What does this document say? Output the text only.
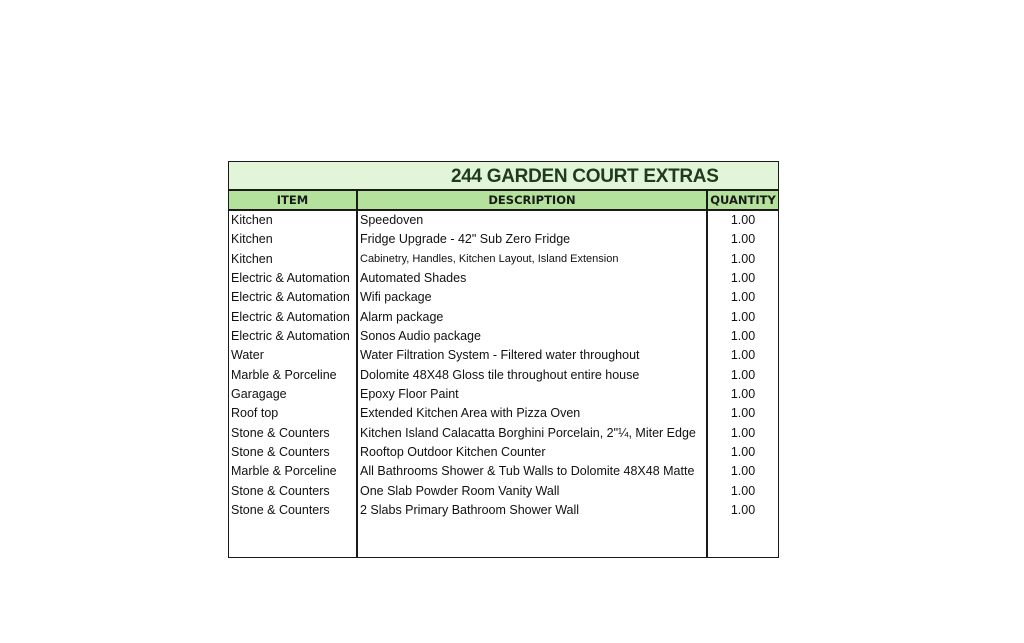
244 GARDEN COURT EXTRAS
ITEM	DESCRIPTION	QUANTITY
Kitchen
Kitchen
Kitchen
Electric & Automation
Electric & Automation
Electric & Automation
Electric & Automation
Water
Marble & Porceline
Garagage
Roof top
Stone & Counters
Stone & Counters
Marble & Porceline
Stone & Counters
Stone & Counters
Speedoven
Fridge Upgrade - 42" Sub Zero Fridge
Cabinetry, Handles, Kitchen Layout, Island Extension
Automated Shades
Wifi package
Alarm package
Sonos Audio package
Water Filtration System - Filtered water throughout
Dolomite 48X48 Gloss tile throughout entire house
Epoxy Floor Paint
Extended Kitchen Area with Pizza Oven
Kitchen Island Calacatta Borghini Porcelain, 2"¼, Miter Edge
Rooftop Outdoor Kitchen Counter
All Bathrooms Shower & Tub Walls to Dolomite 48X48 Matte
One Slab Powder Room Vanity Wall
2 Slabs Primary Bathroom Shower Wall
1.00
1.00
1.00
1.00
1.00
1.00
1.00
1.00
1.00
1.00
1.00
1.00
1.00
1.00
1.00
1.00
